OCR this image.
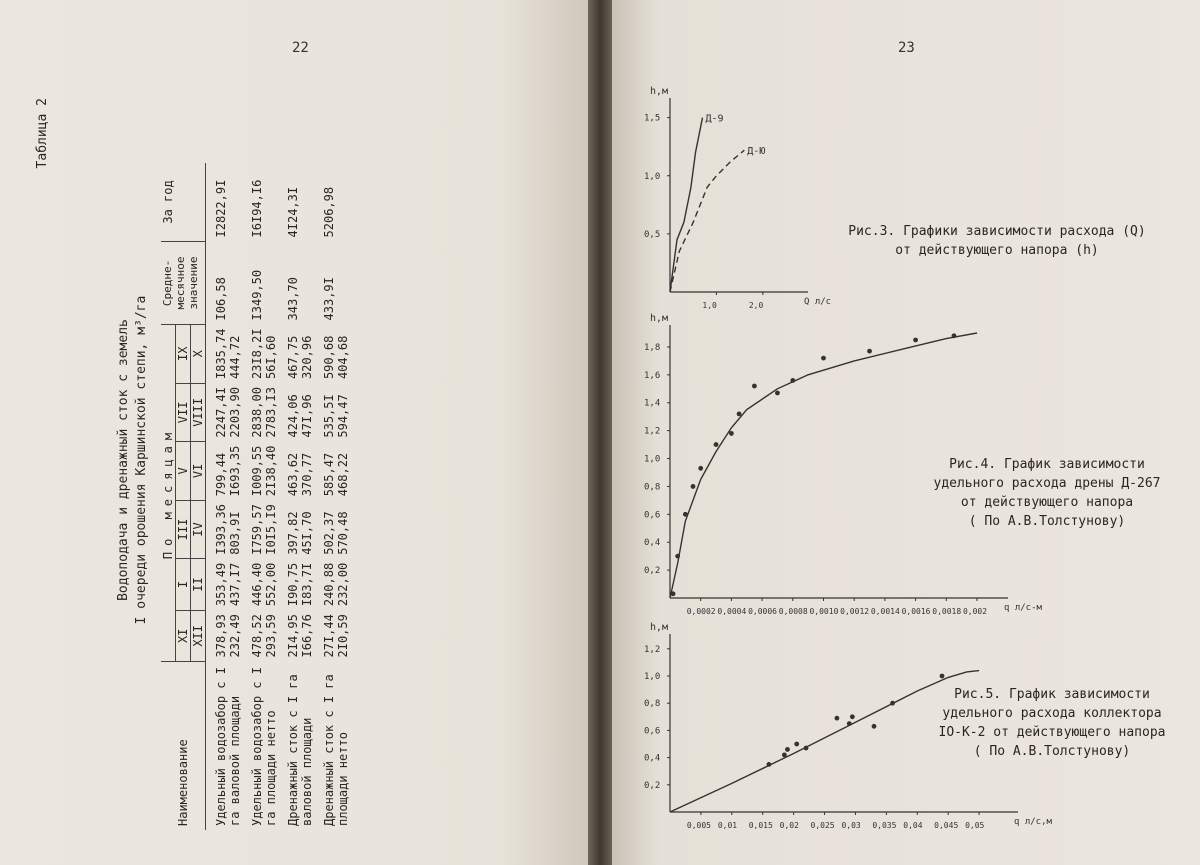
22
Таблица 2
Водоподача и дренажный сток с земель I очереди орошения Каршинской степи, м³/га
Наименование	По месяцам						Средне-месячное значение	За год
	XI	I	III	V	VII	IX		
	XII	II	IV	VI	VIII	X		
Удельный водозабор с I га валовой площади	378,93	353,49	I393,36	799,44	2247,4I	I835,74	I06,58	I2822,9I
	232,49	437,I7	803,9I	I693,35	2203,90	444,72		
Удельный водозабор с I га площади нетто	478,52	446,40	I759,57	I009,55	2838,00	23I8,2I	I349,50	I6I94,I6
	293,59	552,00	I0I5,I9	2I38,40	2783,I3	56I,60		
Дренажный сток с I га валовой площади	2I4,95	I90,75	397,82	463,62	424,06	467,75	343,70	4I24,3I
	I66,76	I83,7I	45I,70	370,77	47I,96	320,96		
Дренажный сток с I га площади нетто	27I,44	240,88	502,37	585,47	535,5I	590,68	433,9I	5206,98
	2I0,59	232,00	570,48	468,22	594,47	404,68		
23
h,м
Q л/с
0,5
1,0
1,5
1,0	2,0
Д-9
Д-Ю
Рис.3. Графики зависимости расхода (Q)
от действующего напора (h)
h,м
q л/с-м
0,2
0,4
0,6
0,8
1,0
1,2
1,4
1,6
1,8
0,0002 0,0004 0,0006 0,0008 0,0010 0,0012 0,0014 0,0016 0,0018 0,002
Рис.4. График зависимости
удельного расхода дрены Д-267
от действующего напора
( По А.В.Толстунову)
h,м
q л/с,м
0,2
0,4
0,6
0,8
1,0
1,2
0,005 0,01 0,015 0,02 0,025 0,03 0,035 0,04 0,045 0,05
Рис.5. График зависимости
удельного расхода коллектора
IO-К-2 от действующего напора
( По А.В.Толстунову)
